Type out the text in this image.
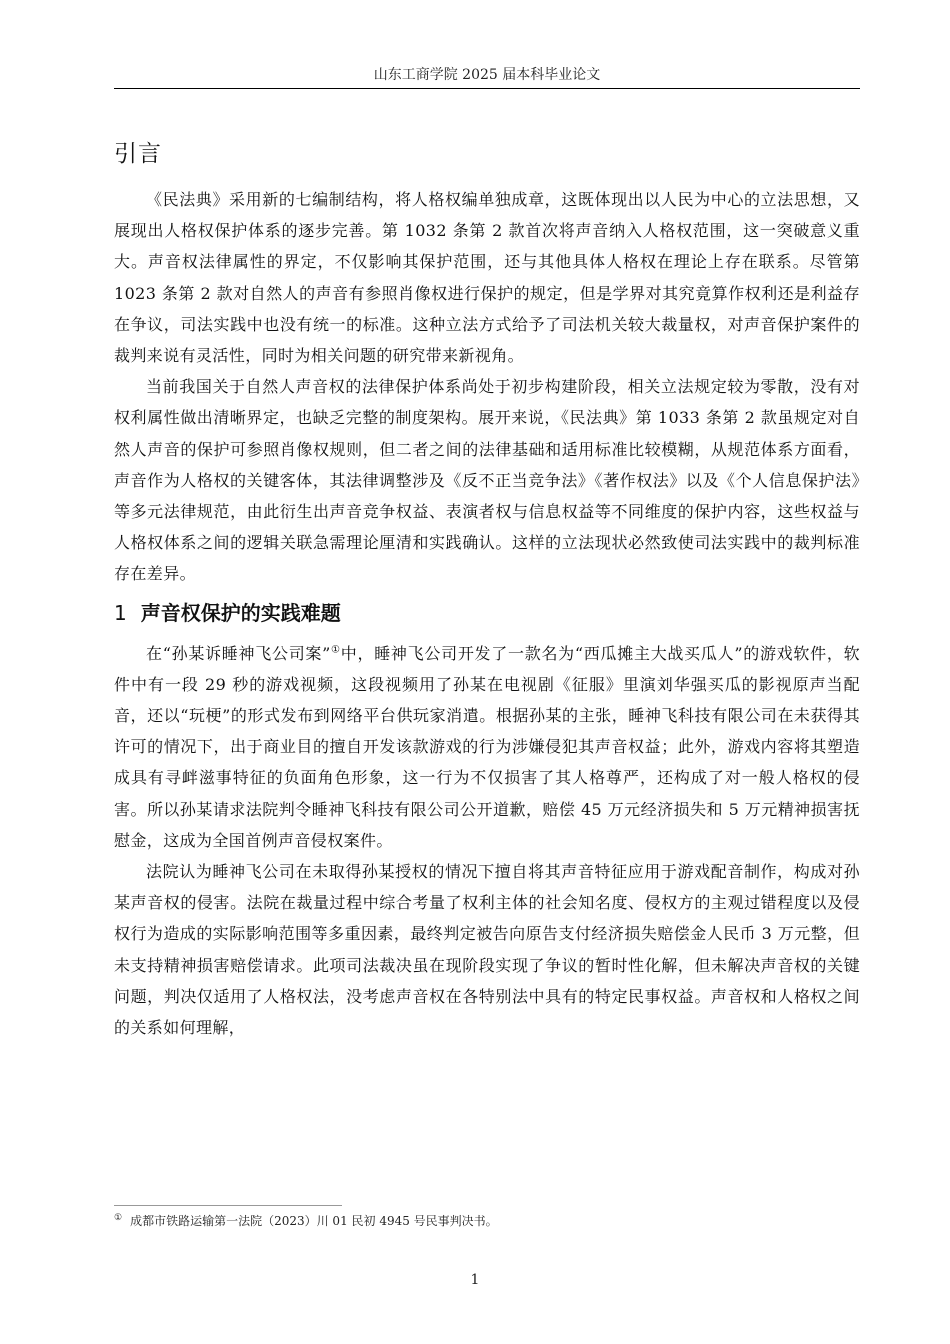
山东工商学院 2025 届本科毕业论文
引言

《民法典》采用新的七编制结构，将人格权编单独成章，这既体现出以人民为中心的立法思想，又展现出人格权保护体系的逐步完善。第 1032 条第 2 款首次将声音纳入人格权范围，这一突破意义重大。声音权法律属性的界定，不仅影响其保护范围，还与其他具体人格权在理论上存在联系。尽管第 1023 条第 2 款对自然人的声音有参照肖像权进行保护的规定，但是学界对其究竟算作权利还是利益存在争议，司法实践中也没有统一的标准。这种立法方式给予了司法机关较大裁量权，对声音保护案件的裁判来说有灵活性，同时为相关问题的研究带来新视角。

当前我国关于自然人声音权的法律保护体系尚处于初步构建阶段，相关立法规定较为零散，没有对权利属性做出清晰界定，也缺乏完整的制度架构。展开来说，《民法典》第 1033 条第 2 款虽规定对自然人声音的保护可参照肖像权规则，但二者之间的法律基础和适用标准比较模糊，从规范体系方面看，声音作为人格权的关键客体，其法律调整涉及《反不正当竞争法》《著作权法》以及《个人信息保护法》等多元法律规范，由此衍生出声音竞争权益、表演者权与信息权益等不同维度的保护内容，这些权益与人格权体系之间的逻辑关联急需理论厘清和实践确认。这样的立法现状必然致使司法实践中的裁判标准存在差异。

1 声音权保护的实践难题

在“孙某诉睡神飞公司案”①中，睡神飞公司开发了一款名为“西瓜摊主大战买瓜人”的游戏软件，软件中有一段 29 秒的游戏视频，这段视频用了孙某在电视剧《征服》里演刘华强买瓜的影视原声当配音，还以“玩梗”的形式发布到网络平台供玩家消遣。根据孙某的主张，睡神飞科技有限公司在未获得其许可的情况下，出于商业目的擅自开发该款游戏的行为涉嫌侵犯其声音权益；此外，游戏内容将其塑造成具有寻衅滋事特征的负面角色形象，这一行为不仅损害了其人格尊严，还构成了对一般人格权的侵害。所以孙某请求法院判令睡神飞科技有限公司公开道歉，赔偿 45 万元经济损失和 5 万元精神损害抚慰金，这成为全国首例声音侵权案件。

法院认为睡神飞公司在未取得孙某授权的情况下擅自将其声音特征应用于游戏配音制作，构成对孙某声音权的侵害。法院在裁量过程中综合考量了权利主体的社会知名度、侵权方的主观过错程度以及侵权行为造成的实际影响范围等多重因素，最终判定被告向原告支付经济损失赔偿金人民币 3 万元整，但未支持精神损害赔偿请求。此项司法裁决虽在现阶段实现了争议的暂时性化解，但未解决声音权的关键问题，判决仅适用了人格权法，没考虑声音权在各特别法中具有的特定民事权益。声音权和人格权之间的关系如何理解，

① 成都市铁路运输第一法院（2023）川 01 民初 4945 号民事判决书。
1
